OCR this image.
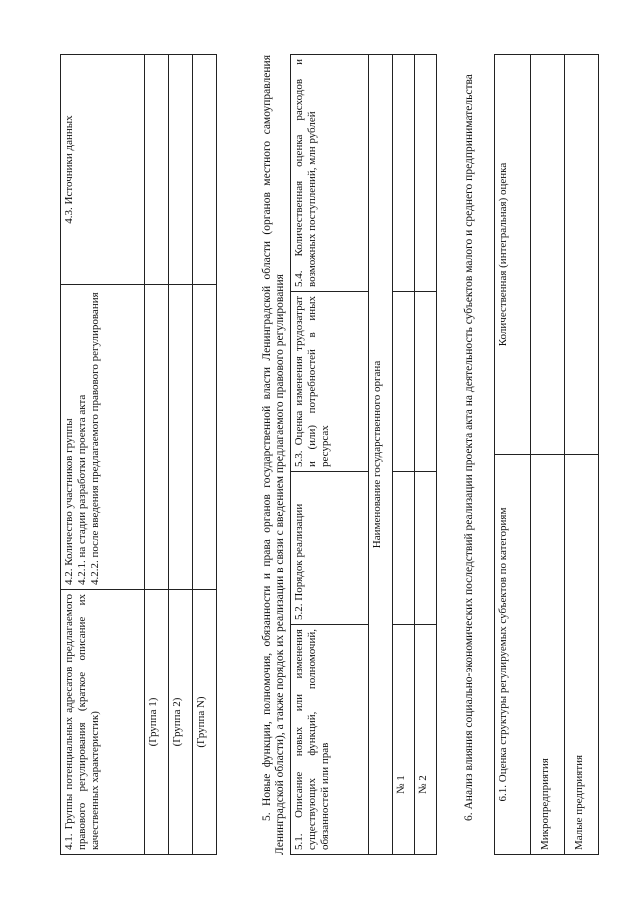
4.1. Группы потенциальных адресатов предлагаемого правового регулирования (краткое описание их качественных характеристик)	4.2. Количество участников группы 4.2.1. на стадии разработки проекта акта 4.2.2. после введения предлагаемого правового регулирования	4.3. Источники данных
(Группа 1)		
(Группа 2)		
(Группа N)			5. Новые функции, полномочия, обязанности и права органов государственной власти Ленинградской области (органов местного самоуправления Ленинградской области), а также порядок их реализации в связи с введением предлагаемого правового регулирования 5.1. Описание новых или изменения существующих функций, полномочий, обязанностей или прав	5.2. Порядок реализации	5.3. Оценка изменения трудозатрат и (или) потребностей в иных ресурсах	5.4. Количественная оценка расходов и возможных поступлений, млн рублей
Наименование государственного органа			
№ 1			
№ 2				6. Анализ влияния социально-экономических последствий реализации проекта акта на деятельность субъектов малого и среднего предпринимательства 6.1. Оценка структуры регулируемых субъектов по категориям	Количественная (интегральная) оценка
Микропредприятия	
Малые предприятия	
